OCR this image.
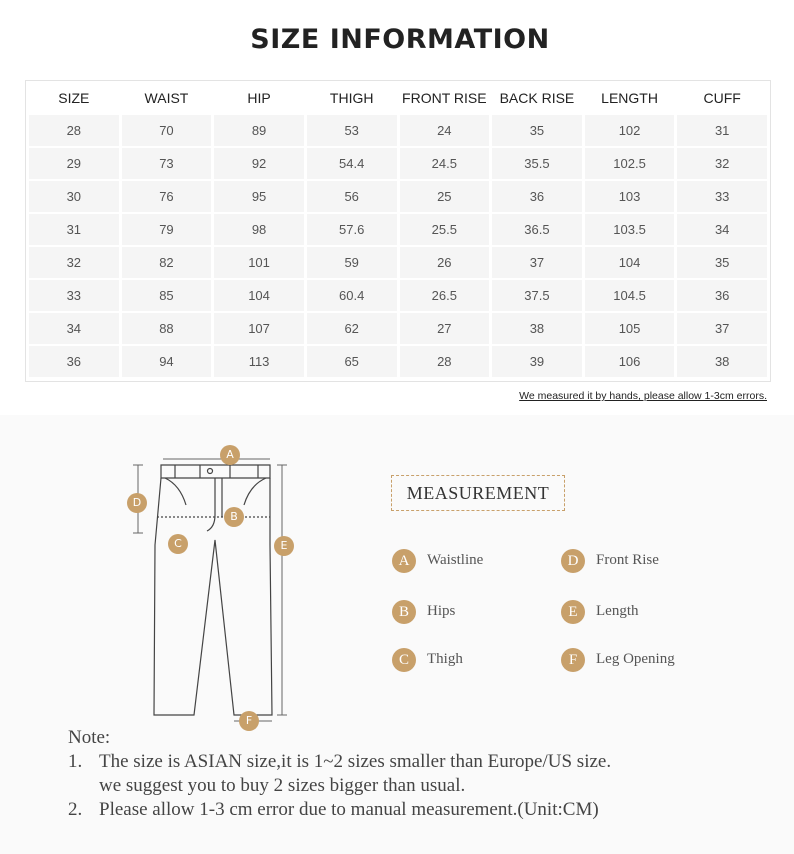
SIZE INFORMATION
SIZE	WAIST	HIP	THIGH	FRONT RISE	BACK RISE	LENGTH	CUFF
28	70	89	53	24	35	102	31
29	73	92	54.4	24.5	35.5	102.5	32
30	76	95	56	25	36	103	33
31	79	98	57.6	25.5	36.5	103.5	34
32	82	101	59	26	37	104	35
33	85	104	60.4	26.5	37.5	104.5	36
34	88	107	62	27	38	105	37
36	94	113	65	28	39	106	38
We measured it by hands, please allow 1-3cm errors.
A
B
C
D
E
F
MEASUREMENT
A	Waistline	D	Front Rise
B	Hips	E	Length
C	Thigh	F	Leg Opening
Note:
1. The size is ASIAN size,it is 1~2 sizes smaller than Europe/US size.
we suggest you to buy 2 sizes bigger than usual.
2. Please allow 1-3 cm error due to manual measurement.(Unit:CM)
